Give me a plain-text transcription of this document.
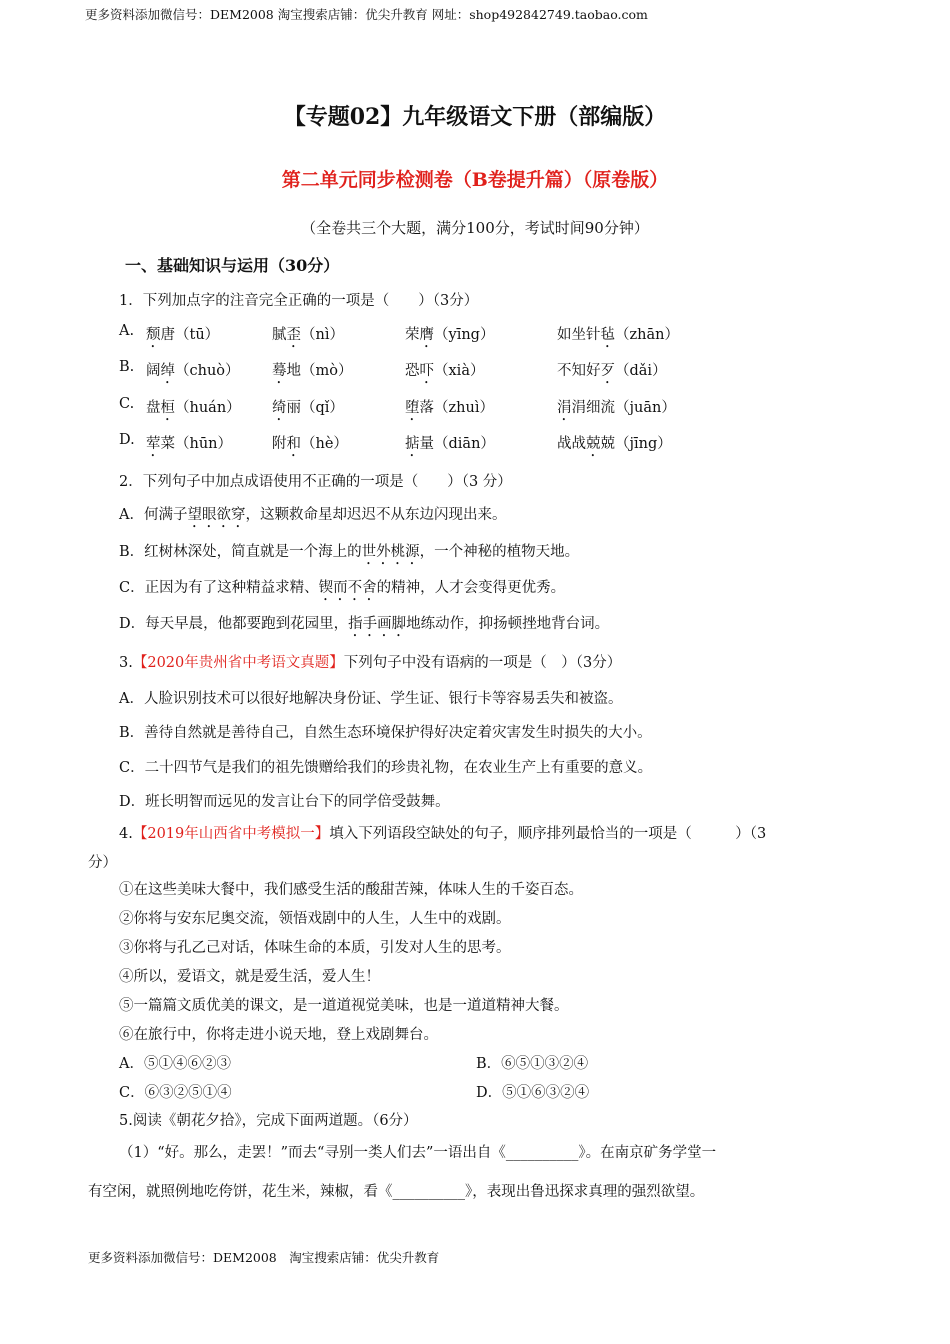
更多资料添加微信号：DEM2008 淘宝搜索店铺：优尖升教育 网址：shop492842749.taobao.com
【专题02】九年级语文下册（部编版）
第二单元同步检测卷（B卷提升篇）（原卷版）
（全卷共三个大题，满分100分，考试时间90分钟）
一、基础知识与运用（30分）
1．下列加点字的注音完全正确的一项是（　　）（3分）
A. 颓唐（tū）	腻歪（nì）	荣膺（yīng）	如坐针毡（zhān）
B. 阔绰（chuò） 蓦地（mò）	恐吓（xià）	不知好歹（dǎi）
C. 盘桓（huán） 绮丽（qǐ）	堕落（zhuì）	涓涓细流（juān）
D. 荤菜（hūn）	附和（hè）	掂量（diān）	战战兢兢（jīng）
2．下列句子中加点成语使用不正确的一项是（　　）（3 分）
A．何满子望眼欲穿，这颗救命星却迟迟不从东边闪现出来。
B．红树林深处，简直就是一个海上的世外桃源，一个神秘的植物天地。
C．正因为有了这种精益求精、锲而不舍的精神，人才会变得更优秀。
D．每天早晨，他都要跑到花园里，指手画脚地练动作，抑扬顿挫地背台词。
3.【2020年贵州省中考语文真题】下列句子中没有语病的一项是（　）（3分）
A．人脸识别技术可以很好地解决身份证、学生证、银行卡等容易丢失和被盗。
B．善待自然就是善待自己，自然生态环境保护得好决定着灾害发生时损失的大小。
C．二十四节气是我们的祖先馈赠给我们的珍贵礼物，在农业生产上有重要的意义。
D．班长明智而远见的发言让台下的同学倍受鼓舞。
4.【2019年山西省中考模拟一】填入下列语段空缺处的句子，顺序排列最恰当的一项是（　　　）（3
分）
①在这些美味大餐中，我们感受生活的酸甜苦辣，体味人生的千姿百态。
②你将与安东尼奥交流，领悟戏剧中的人生，人生中的戏剧。
③你将与孔乙己对话，体味生命的本质，引发对人生的思考。
④所以，爱语文，就是爱生活，爱人生！
⑤一篇篇文质优美的课文，是一道道视觉美味，也是一道道精神大餐。
⑥在旅行中，你将走进小说天地，登上戏剧舞台。
A．⑤①④⑥②③	B．⑥⑤①③②④
C．⑥③②⑤①④	D．⑤①⑥③②④
5.阅读《朝花夕拾》，完成下面两道题。（6分）
（1）“好。那么，走罢！”而去“寻别一类人们去”一语出自《__________》。在南京矿务学堂一
有空闲，就照例地吃侉饼，花生米，辣椒，看《__________》，表现出鲁迅探求真理的强烈欲望。
更多资料添加微信号：DEM2008　淘宝搜索店铺：优尖升教育
